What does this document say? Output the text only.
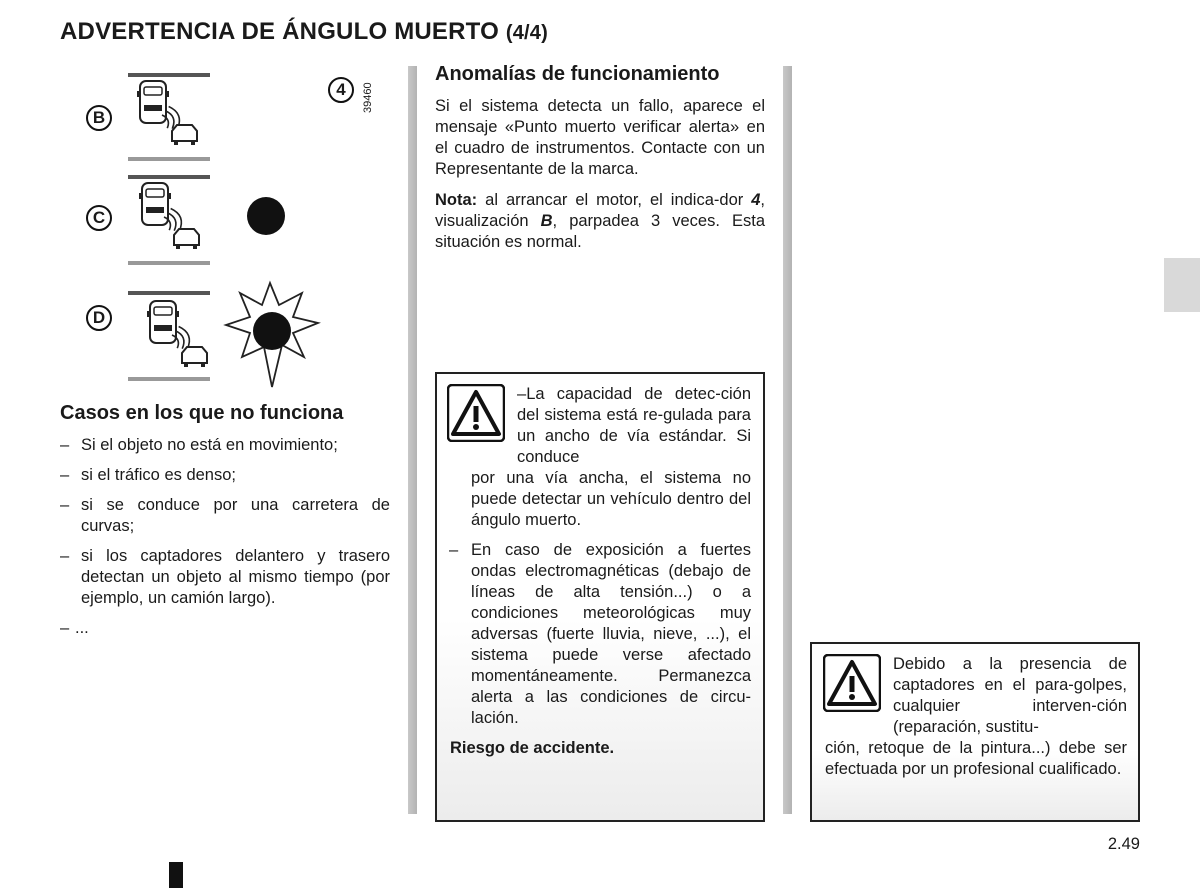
ADVERTENCIA DE ÁNGULO MUERTO (4/4)
B
C
D
4 39460
Casos en los que no funciona
– Si el objeto no está en movimiento;
– si el tráfico es denso;
– si se conduce por una carretera de curvas;
– si los captadores delantero y trasero detectan un objeto al mismo tiempo (por ejemplo, un camión largo).
– ...
Anomalías de funcionamiento

Si el sistema detecta un fallo, aparece el mensaje «Punto muerto verificar alerta» en el cuadro de instrumentos. Contacte con un Representante de la marca.

Nota: al arrancar el motor, el indica-dor 4, visualización B, parpadea 3 veces. Esta situación es normal.

–La capacidad de detec-ción del sistema está re-gulada para un ancho de vía estándar. Si conduce
por una vía ancha, el sistema no puede detectar un vehículo dentro del ángulo muerto.
– En caso de exposición a fuertes ondas electromagnéticas (debajo de líneas de alta tensión...) o a condiciones meteorológicas muy adversas (fuerte lluvia, nieve, ...), el sistema puede verse afectado momentáneamente. Permanezca alerta a las condiciones de circu-lación.
Riesgo de accidente.
Debido a la presencia de captadores en el para-golpes, cualquier interven-ción (reparación, sustitu-
ción, retoque de la pintura...) debe ser efectuada por un profesional cualificado.
2.49
